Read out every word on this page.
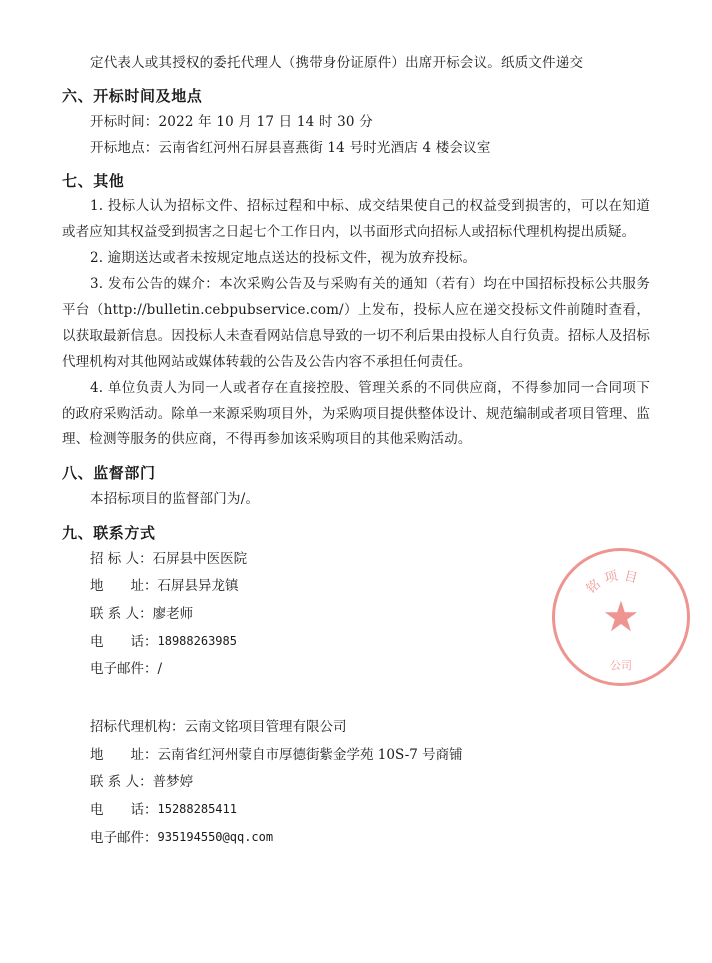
定代表人或其授权的委托代理人（携带身份证原件）出席开标会议。纸质文件递交
六、开标时间及地点
开标时间：2022 年 10 月 17 日 14 时 30 分
开标地点：云南省红河州石屏县喜燕街 14 号时光酒店 4 楼会议室
七、其他

1. 投标人认为招标文件、招标过程和中标、成交结果使自己的权益受到损害的，可以在知道或者应知其权益受到损害之日起七个工作日内，以书面形式向招标人或招标代理机构提出质疑。

2. 逾期送达或者未按规定地点送达的投标文件，视为放弃投标。

3. 发布公告的媒介：本次采购公告及与采购有关的通知（若有）均在中国招标投标公共服务平台（http://bulletin.cebpubservice.com/）上发布，投标人应在递交投标文件前随时查看，以获取最新信息。因投标人未查看网站信息导致的一切不利后果由投标人自行负责。招标人及招标代理机构对其他网站或媒体转载的公告及公告内容不承担任何责任。

4. 单位负责人为同一人或者存在直接控股、管理关系的不同供应商，不得参加同一合同项下的政府采购活动。除单一来源采购项目外，为采购项目提供整体设计、规范编制或者项目管理、监理、检测等服务的供应商，不得再参加该采购项目的其他采购活动。

八、监督部门
本招标项目的监督部门为/。
九、联系方式
招 标 人： 石屏县中医医院
地　　址： 石屏县异龙镇
联 系 人： 廖老师
电　　话： 18988263985
电子邮件： /
招标代理机构： 云南文铭项目管理有限公司
地　　址： 云南省红河州蒙自市厚德街紫金学苑 10S-7 号商铺
联 系 人： 普梦婷
电　　话： 15288285411
电子邮件： 935194550@qq.com
铭 项 目
★
公司
